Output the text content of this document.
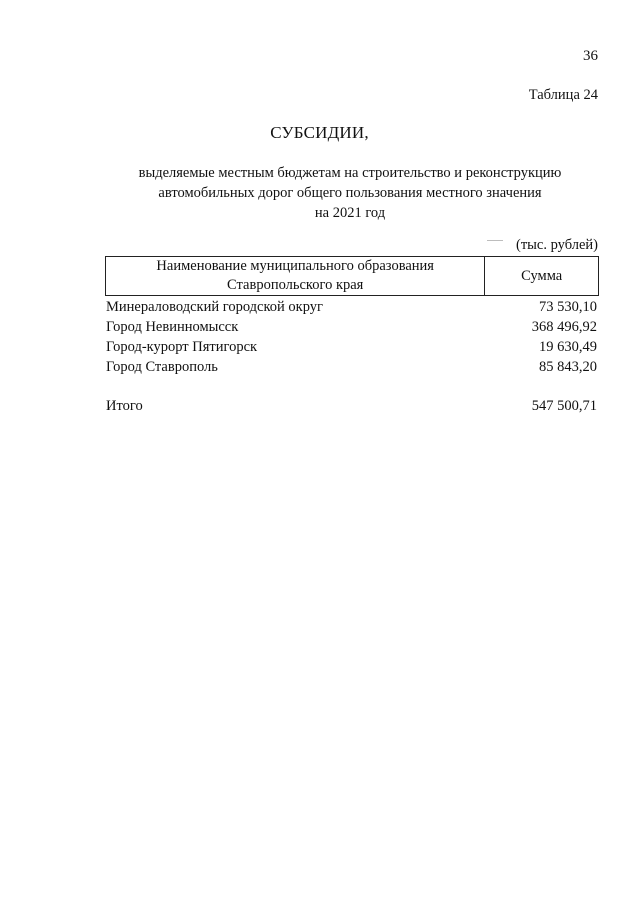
36
Таблица 24
СУБСИДИИ,
выделяемые местным бюджетам на строительство и реконструкцию
автомобильных дорог общего пользования местного значения
на 2021 год
(тыс. рублей)
Наименование муниципального образования
Ставропольского края
	Сумма
Минераловодский городской округ	73 530,10
Город Невинномысск	368 496,92
Город-курорт Пятигорск	19 630,49
Город Ставрополь	85 843,20
Итого	547 500,71
